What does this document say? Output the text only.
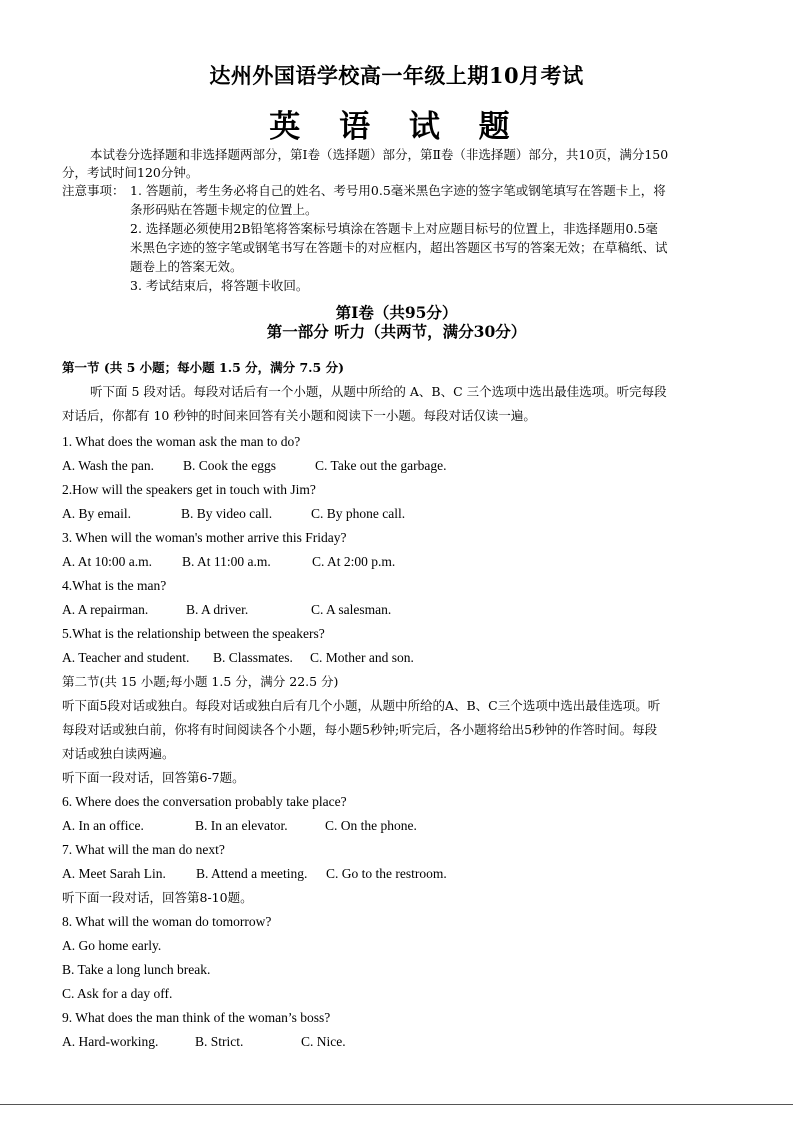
达州外国语学校高一年级上期10月考试
英 语 试 题
本试卷分选择题和非选择题两部分，第Ⅰ卷（选择题）部分，第Ⅱ卷（非选择题）部分，共10页，满分150
分，考试时间120分钟。
注意事项： 1. 答题前，考生务必将自己的姓名、考号用0.5毫米黑色字迹的签字笔或钢笔填写在答题卡上，将
条形码贴在答题卡规定的位置上。
2. 选择题必须使用2B铅笔将答案标号填涂在答题卡上对应题目标号的位置上，非选择题用0.5毫
米黑色字迹的签字笔或钢笔书写在答题卡的对应框内，超出答题区书写的答案无效；在草稿纸、试
题卷上的答案无效。
3. 考试结束后，将答题卡收回。
第Ⅰ卷（共95分）
第一部分 听力（共两节，满分30分）
第一节 (共 5 小题；每小题 1.5 分，满分 7.5 分)
听下面 5 段对话。每段对话后有一个小题，从题中所给的 A、B、C 三个选项中选出最佳选项。听完每段
对话后，你都有 10 秒钟的时间来回答有关小题和阅读下一小题。每段对话仅读一遍。
1. What does the woman ask the man to do?
A. Wash the pan. B. Cook the eggs	C. Take out the garbage.
2.How will the speakers get in touch with Jim?
A. By email.	B. By video call.	C. By phone call.
3. When will the woman's mother arrive this Friday?
A. At 10:00 a.m. B. At 11:00 a.m.	C. At 2:00 p.m.
4.What is the man?
A. A repairman.	B. A driver.	C. A salesman.
5.What is the relationship between the speakers?
A. Teacher and student. B. Classmates. C. Mother and son.
第二节(共 15 小题;每小题 1.5 分，满分 22.5 分)
听下面5段对话或独白。每段对话或独白后有几个小题，从题中所给的A、B、C三个选项中选出最佳选项。听
每段对话或独白前，你将有时间阅读各个小题，每小题5秒钟;听完后，各小题将给出5秒钟的作答时间。每段
对话或独白读两遍。
听下面一段对话，回答第6-7题。
6. Where does the conversation probably take place?
A. In an office.	B. In an elevator.	C. On the phone.
7. What will the man do next?
A. Meet Sarah Lin. B. Attend a meeting. C. Go to the restroom.
听下面一段对话，回答第8-10题。
8. What will the woman do tomorrow?
A. Go home early.
B. Take a long lunch break.
C. Ask for a day off.
9. What does the man think of the woman’s boss?
A. Hard-working.	B. Strict.	C. Nice.
